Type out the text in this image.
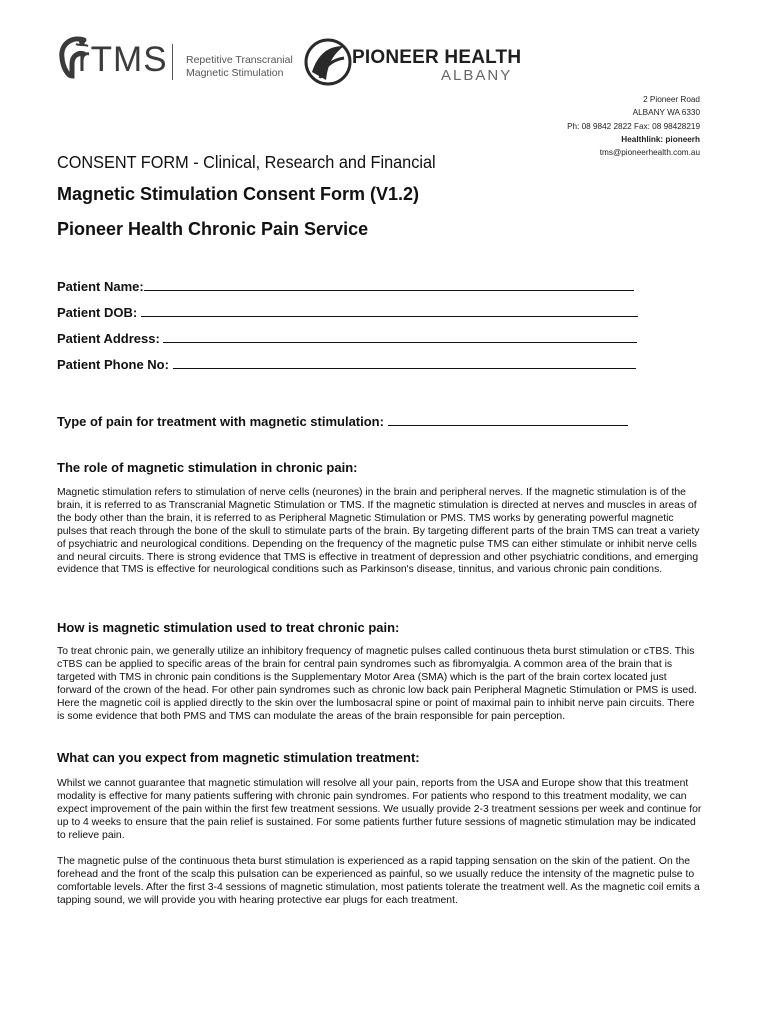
rTMS Repetitive Transcranial
Magnetic Stimulation
PIONEER HEALTH
ALBANY
2 Pioneer Road
ALBANY WA 6330
Ph: 08 9842 2822 Fax: 08 98428219
Healthlink: pioneerh
tms@pioneerhealth.com.au
CONSENT FORM - Clinical, Research and Financial
Magnetic Stimulation Consent Form (V1.2)
Pioneer Health Chronic Pain Service
Patient Name:
Patient DOB:
Patient Address:
Patient Phone No:
Type of pain for treatment with magnetic stimulation:
The role of magnetic stimulation in chronic pain:
Magnetic stimulation refers to stimulation of nerve cells (neurones) in the brain and peripheral nerves. If the magnetic stimulation is of the brain, it is referred to as Transcranial Magnetic Stimulation or TMS. If the magnetic stimulation is directed at nerves and muscles in areas of the body other than the brain, it is referred to as Peripheral Magnetic Stimulation or PMS. TMS works by generating powerful magnetic pulses that reach through the bone of the skull to stimulate parts of the brain. By targeting different parts of the brain TMS can treat a variety of psychiatric and neurological conditions. Depending on the frequency of the magnetic pulse TMS can either stimulate or inhibit nerve cells and neural circuits. There is strong evidence that TMS is effective in treatment of depression and other psychiatric conditions, and emerging evidence that TMS is effective for neurological conditions such as Parkinson's disease, tinnitus, and various chronic pain conditions.
How is magnetic stimulation used to treat chronic pain:
To treat chronic pain, we generally utilize an inhibitory frequency of magnetic pulses called continuous theta burst stimulation or cTBS. This cTBS can be applied to specific areas of the brain for central pain syndromes such as fibromyalgia. A common area of the brain that is targeted with TMS in chronic pain conditions is the Supplementary Motor Area (SMA) which is the part of the brain cortex located just forward of the crown of the head. For other pain syndromes such as chronic low back pain Peripheral Magnetic Stimulation or PMS is used. Here the magnetic coil is applied directly to the skin over the lumbosacral spine or point of maximal pain to inhibit nerve pain circuits. There is some evidence that both PMS and TMS can modulate the areas of the brain responsible for pain perception.
What can you expect from magnetic stimulation treatment:
Whilst we cannot guarantee that magnetic stimulation will resolve all your pain, reports from the USA and Europe show that this treatment modality is effective for many patients suffering with chronic pain syndromes. For patients who respond to this treatment modality, we can expect improvement of the pain within the first few treatment sessions. We usually provide 2-3 treatment sessions per week and continue for up to 4 weeks to ensure that the pain relief is sustained. For some patients further future sessions of magnetic stimulation may be indicated to relieve pain.
The magnetic pulse of the continuous theta burst stimulation is experienced as a rapid tapping sensation on the skin of the patient. On the forehead and the front of the scalp this pulsation can be experienced as painful, so we usually reduce the intensity of the magnetic pulse to comfortable levels. After the first 3-4 sessions of magnetic stimulation, most patients tolerate the treatment well. As the magnetic coil emits a tapping sound, we will provide you with hearing protective ear plugs for each treatment.
